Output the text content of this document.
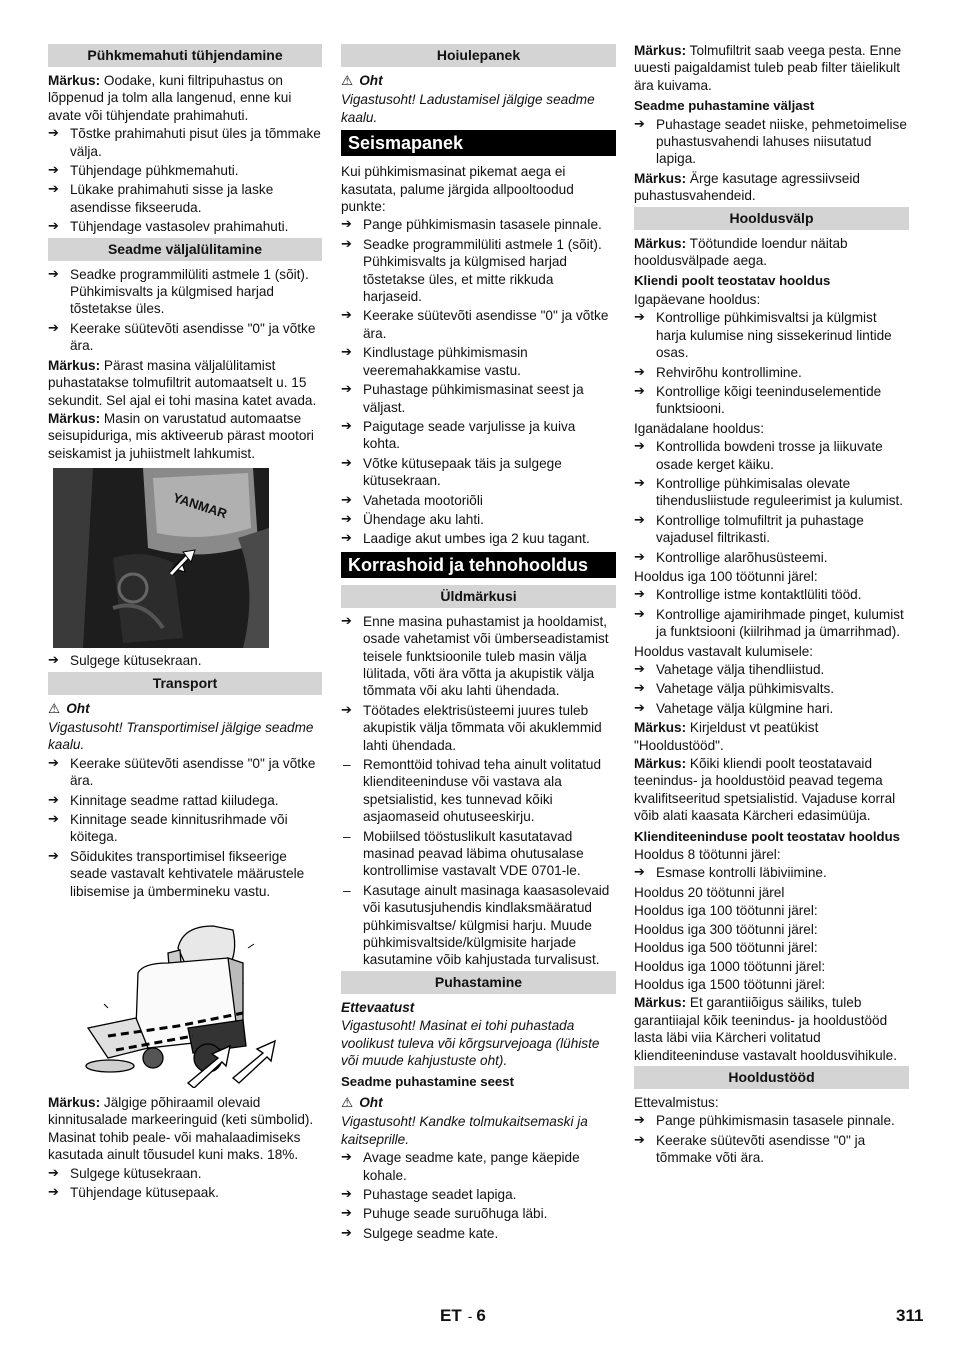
Pühkmemahuti tühjendamine

Märkus: Oodake, kuni filtripuhastus on lõppenud ja tolm alla langenud, enne kui avate või tühjendate prahimahuti.

➔ Tõstke prahimahuti pisut üles ja tõmmake välja.
➔ Tühjendage pühkmemahuti.
➔ Lükake prahimahuti sisse ja laske asendisse fikseeruda.
➔ Tühjendage vastasolev prahimahuti.
Seadme väljalülitamine
➔ Seadke programmilüliti astmele 1 (sõit). Pühkimisvalts ja külgmised harjad tõstetakse üles.
➔ Keerake süütevõti asendisse "0" ja võtke ära.

Märkus: Pärast masina väljalülitamist puhastatakse tolmufiltrit automaatselt u. 15 sekundit. Sel ajal ei tohi masina katet avada.

Märkus: Masin on varustatud automaatse seisupiduriga, mis aktiveerub pärast mootori seiskamist ja juhiistmelt lahkumist.

YANMAR
➔ Sulgege kütusekraan.
Transport
⚠ Oht

Vigastusoht! Transportimisel jälgige seadme kaalu.

➔ Keerake süütevõti asendisse "0" ja võtke ära.
➔ Kinnitage seadme rattad kiiludega.
➔ Kinnitage seade kinnitusrihmade või köitega.
➔ Sõidukites transportimisel fikseerige seade vastavalt kehtivatele määrustele libisemise ja ümbermineku vastu.

Märkus: Jälgige põhiraamil olevaid kinnitusalade markeeringuid (keti sümbolid). Masinat tohib peale- või mahalaadimiseks kasutada ainult tõusudel kuni maks. 18%.

➔ Sulgege kütusekraan.
➔ Tühjendage kütusepaak.
Hoiulepanek
⚠ Oht

Vigastusoht! Ladustamisel jälgige seadme kaalu.

Seismapanek

Kui pühkimismasinat pikemat aega ei kasutata, palume järgida allpooltoodud punkte:

➔ Pange pühkimismasin tasasele pinnale.
➔ Seadke programmilüliti astmele 1 (sõit). Pühkimisvalts ja külgmised harjad tõstetakse üles, et mitte rikkuda harjaseid.
➔ Keerake süütevõti asendisse "0" ja võtke ära.
➔ Kindlustage pühkimismasin veeremahakkamise vastu.
➔ Puhastage pühkimismasinat seest ja väljast.
➔ Paigutage seade varjulisse ja kuiva kohta.
➔ Võtke kütusepaak täis ja sulgege kütusekraan.
➔ Vahetada mootoriõli
➔ Ühendage aku lahti.
➔ Laadige akut umbes iga 2 kuu tagant.
Korrashoid ja tehnohooldus
Üldmärkusi
➔ Enne masina puhastamist ja hooldamist, osade vahetamist või ümberseadistamist teisele funktsioonile tuleb masin välja lülitada, võti ära võtta ja akupistik välja tõmmata või aku lahti ühendada.
➔ Töötades elektrisüsteemi juures tuleb akupistik välja tõmmata või akuklemmid lahti ühendada.
– Remonttöid tohivad teha ainult volitatud klienditeeninduse või vastava ala spetsialistid, kes tunnevad kõiki asjaomaseid ohutuseeskirju.
– Mobiilsed tööstuslikult kasutatavad masinad peavad läbima ohutusalase kontrollimise vastavalt VDE 0701-le.
– Kasutage ainult masinaga kaasasolevaid või kasutusjuhendis kindlaksmääratud pühkimisvaltse/ külgmisi harju. Muude pühkimisvaltside/külgmisite harjade kasutamine võib kahjustada turvalisust.
Puhastamine
Ettevaatust

Vigastusoht! Masinat ei tohi puhastada voolikust tuleva või kõrgsurvejoaga (lühiste või muude kahjustuste oht).

Seadme puhastamine seest
⚠ Oht

Vigastusoht! Kandke tolmukaitsemaski ja kaitseprille.

➔ Avage seadme kate, pange käepide kohale.
➔ Puhastage seadet lapiga.
➔ Puhuge seade suruõhuga läbi.
➔ Sulgege seadme kate.

Märkus: Tolmufiltrit saab veega pesta. Enne uuesti paigaldamist tuleb peab filter täielikult ära kuivama.

Seadme puhastamine väljast
➔ Puhastage seadet niiske, pehmetoimelise puhastusvahendi lahuses niisutatud lapiga.

Märkus: Ärge kasutage agressiivseid puhastusvahendeid.

Hooldusvälp

Märkus: Töötundide loendur näitab hooldusvälpade aega.

Kliendi poolt teostatav hooldus

Igapäevane hooldus:

➔ Kontrollige pühkimisvaltsi ja külgmist harja kulumise ning sissekerinud lintide osas.
➔ Rehvirõhu kontrollimine.
➔ Kontrollige kõigi teeninduselementide funktsiooni.

Iganädalane hooldus:

➔ Kontrollida bowdeni trosse ja liikuvate osade kerget käiku.
➔ Kontrollige pühkimisalas olevate tihendusliistude reguleerimist ja kulumist.
➔ Kontrollige tolmufiltrit ja puhastage vajadusel filtrikasti.
➔ Kontrollige alarõhusüsteemi.

Hooldus iga 100 töötunni järel:

➔ Kontrollige istme kontaktlüliti tööd.
➔ Kontrollige ajamirihmade pinget, kulumist ja funktsiooni (kiilrihmad ja ümarrihmad).

Hooldus vastavalt kulumisele:

➔ Vahetage välja tihendliistud.
➔ Vahetage välja pühkimisvalts.
➔ Vahetage välja külgmine hari.

Märkus: Kirjeldust vt peatükist "Hooldustööd".

Märkus: Kõiki kliendi poolt teostatavaid teenindus- ja hooldustöid peavad tegema kvalifitseeritud spetsialistid. Vajaduse korral võib alati kaasata Kärcheri edasimüüja.

Klienditeeninduse poolt teostatav hooldus

Hooldus 8 töötunni järel:

➔ Esmase kontrolli läbiviimine.

Hooldus 20 töötunni järel

Hooldus iga 100 töötunni järel:

Hooldus iga 300 töötunni järel:

Hooldus iga 500 töötunni järel:

Hooldus iga 1000 töötunni järel:

Hooldus iga 1500 töötunni järel:

Märkus: Et garantiiõigus säiliks, tuleb garantiiajal kõik teenindus- ja hooldustööd lasta läbi viia Kärcheri volitatud klienditeeninduse vastavalt hooldusvihikule.

Hooldustööd

Ettevalmistus:

➔ Pange pühkimismasin tasasele pinnale.
➔ Keerake süütevõti asendisse "0" ja tõmmake võti ära.
ET - 6	311
